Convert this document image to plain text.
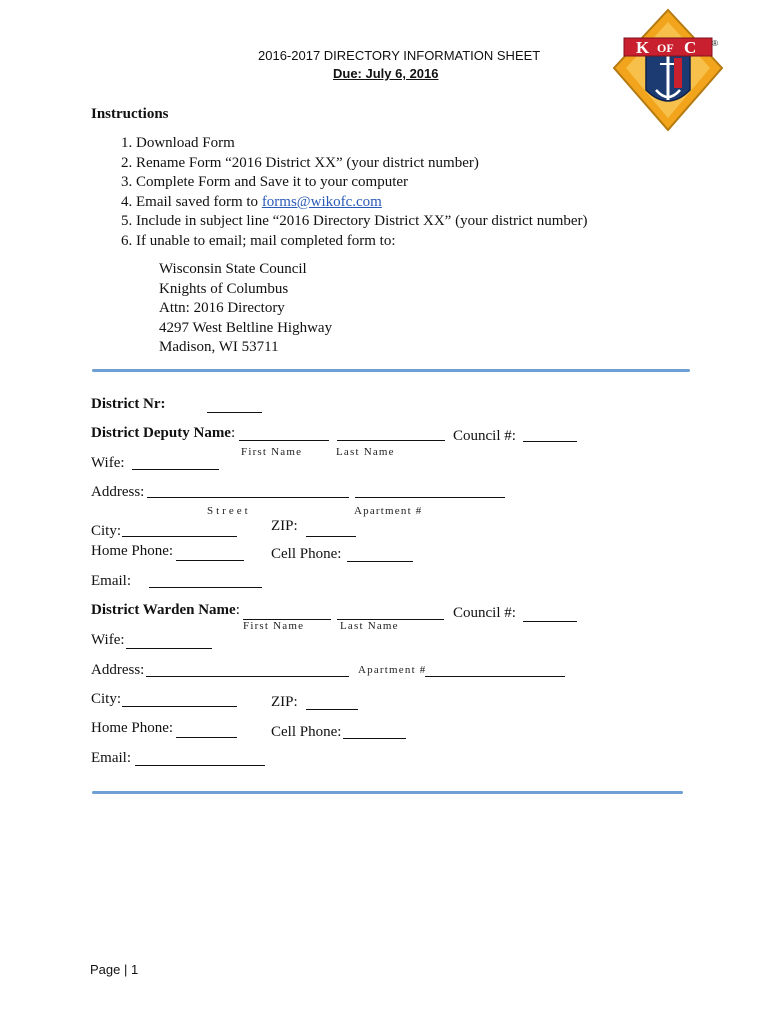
2016-2017 DIRECTORY INFORMATION SHEET
Due: July 6, 2016
K OF C ®
Instructions
1. Download Form
2. Rename Form “2016 District XX” (your district number)
3. Complete Form and Save it to your computer
4. Email saved form to forms@wikofc.com
5. Include in subject line “2016 Directory District XX” (your district number)
6. If unable to email; mail completed form to:
Wisconsin State Council
Knights of Columbus
Attn: 2016 Directory
4297 West Beltline Highway
Madison, WI 53711
District Nr:
District Deputy Name:	Council #:
First Name	Last Name
Wife:
Address:
Street	Apartment #
City:	ZIP:
Home Phone:	Cell Phone:
Email:
District Warden Name:	Council #:
First Name	Last Name
Wife:
Address:	Apartment #
City:	ZIP:
Home Phone:	Cell Phone:
Email:
Page | 1
